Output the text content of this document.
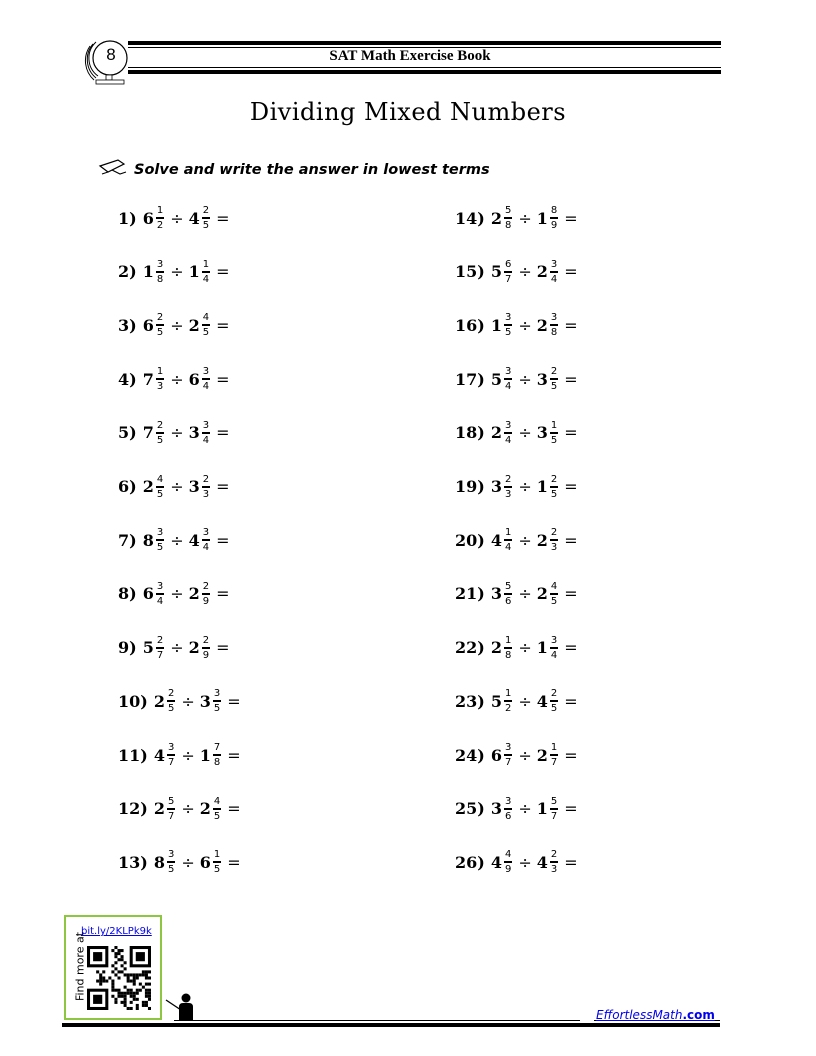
8	SAT Math Exercise Book
Dividing Mixed Numbers
Solve and write the answer in lowest terms
1) $6 \frac{1}{2} \div 4 \frac{2}{5}$ =
2) $1 \frac{3}{8} \div 1 \frac{1}{4}$ =
3) $6 \frac{2}{5} \div 2 \frac{4}{5}$ =
4) $7 \frac{1}{3} \div 6 \frac{3}{4}$ =
5) $7 \frac{2}{5} \div 3 \frac{3}{4}$ =
6) $2 \frac{4}{5} \div 3 \frac{2}{3}$ =
7) $8 \frac{3}{5} \div 4 \frac{3}{4}$ =
8) $6 \frac{3}{4} \div 2 \frac{2}{9}$ =
9) $5 \frac{2}{7} \div 2 \frac{2}{9}$ =
10) $2 \frac{2}{5} \div 3 \frac{3}{5}$ =
11) $4 \frac{3}{7} \div 1 \frac{7}{8}$ =
12) $2 \frac{5}{7} \div 2 \frac{4}{5}$ =
13) $8 \frac{3}{5} \div 6 \frac{1}{5}$ =
14) $2 \frac{5}{8} \div 1 \frac{8}{9}$ =
15) $5 \frac{6}{7} \div 2 \frac{3}{4}$ =
16) $1 \frac{3}{5} \div 2 \frac{3}{8}$ =
17) $5 \frac{3}{4} \div 3 \frac{2}{5}$ =
18) $2 \frac{3}{4} \div 3 \frac{1}{5}$ =
19) $3 \frac{2}{3} \div 1 \frac{2}{5}$ =
20) $4 \frac{1}{4} \div 2 \frac{2}{3}$ =
21) $3 \frac{5}{6} \div 2 \frac{4}{5}$ =
22) $2 \frac{1}{8} \div 1 \frac{3}{4}$ =
23) $5 \frac{1}{2} \div 4 \frac{2}{5}$ =
24) $6 \frac{3}{7} \div 2 \frac{1}{7}$ =
25) $3 \frac{3}{6} \div 1 \frac{5}{7}$ =
26) $4 \frac{4}{9} \div 4 \frac{2}{3}$ =
bit.ly/2KLPk9k
Find more at
EffortlessMath.com
